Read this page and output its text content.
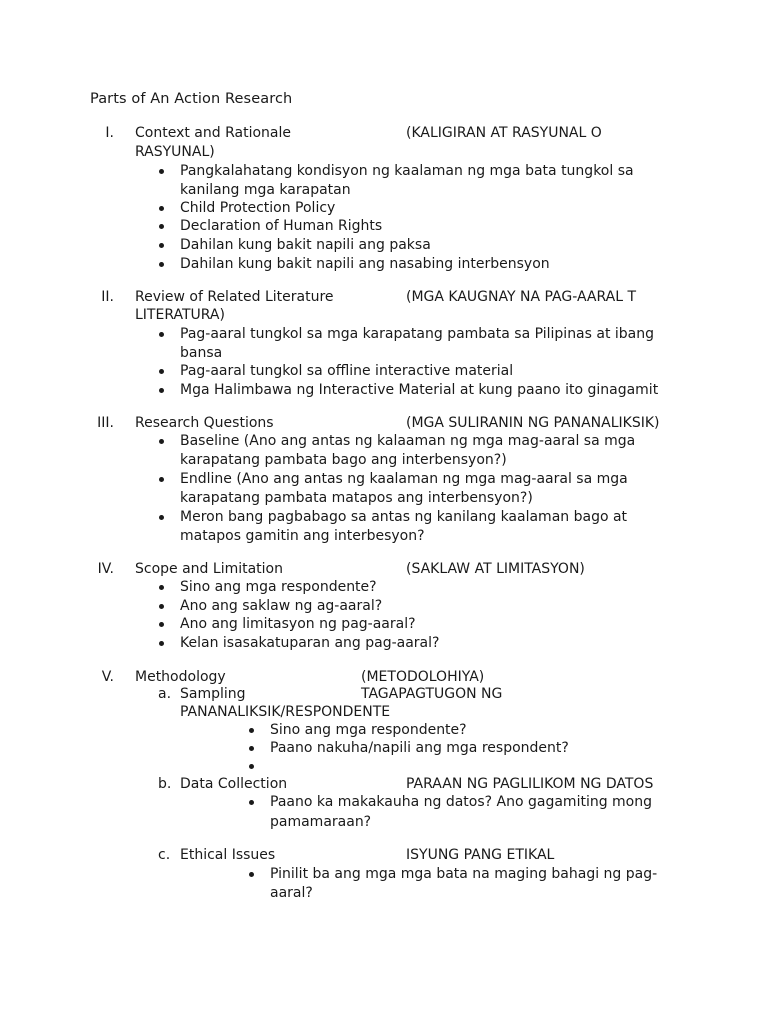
Parts of An Action Research
I. Context and Rationale	(KALIGIRAN AT RASYUNAL O
RASYUNAL)
Pangkalahatang kondisyon ng kaalaman ng mga bata tungkol sa
kanilang mga karapatan
Child Protection Policy
Declaration of Human Rights
Dahilan kung bakit napili ang paksa
Dahilan kung bakit napili ang nasabing interbensyon
II. Review of Related Literature	(MGA KAUGNAY NA PAG-AARAL T
LITERATURA)
Pag-aaral tungkol sa mga karapatang pambata sa Pilipinas at ibang
bansa
Pag-aaral tungkol sa offline interactive material
Mga Halimbawa ng Interactive Material at kung paano ito ginagamit
III. Research Questions	(MGA SULIRANIN NG PANANALIKSIK)
Baseline (Ano ang antas ng kalaaman ng mga mag-aaral sa mga
karapatang pambata bago ang interbensyon?)
Endline (Ano ang antas ng kaalaman ng mga mag-aaral sa mga
karapatang pambata matapos ang interbensyon?)
Meron bang pagbabago sa antas ng kanilang kaalaman bago at
matapos gamitin ang interbesyon?
IV. Scope and Limitation	(SAKLAW AT LIMITASYON)
Sino ang mga respondente?
Ano ang saklaw ng ag-aaral?
Ano ang limitasyon ng pag-aaral?
Kelan isasakatuparan ang pag-aaral?
V. Methodology	(METODOLOHIYA)
a. Sampling	TAGAPAGTUGON NG
PANANALIKSIK/RESPONDENTE
Sino ang mga respondente?
Paano nakuha/napili ang mga respondent?
b. Data Collection	PARAAN NG PAGLILIKOM NG DATOS
Paano ka makakauha ng datos? Ano gagamiting mong
pamamaraan?
c. Ethical Issues	ISYUNG PANG ETIKAL
Pinilit ba ang mga mga bata na maging bahagi ng pag-
aaral?
